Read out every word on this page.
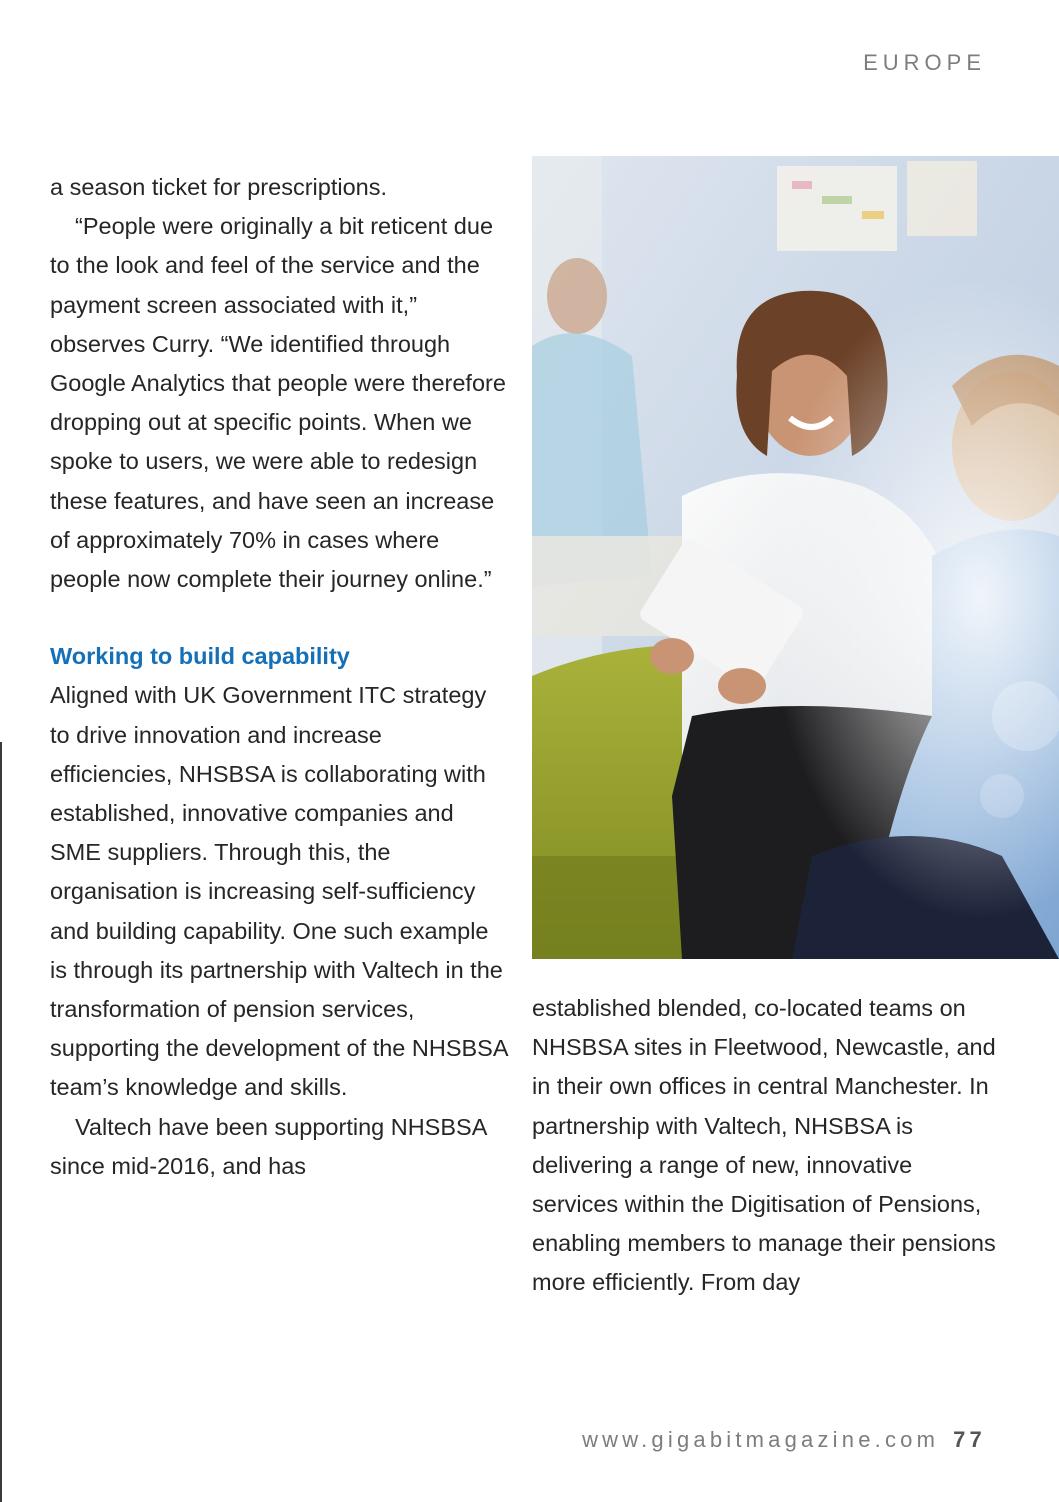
EUROPE

a season ticket for prescriptions.

“People were originally a bit reticent due to the look and feel of the service and the payment screen associated with it,” observes Curry. “We identified through Google Analytics that people were therefore dropping out at specific points. When we spoke to users, we were able to redesign these features, and have seen an increase of approximately 70% in cases where people now complete their journey online.”

Working to build capability

Aligned with UK Government ITC strategy to drive innovation and increase efficiencies, NHSBSA is collaborating with established, innovative companies and SME suppliers. Through this, the organisation is increasing self-sufficiency and building capability. One such example is through its partnership with Valtech in the transformation of pension services, supporting the development of the NHSBSA team’s knowledge and skills.

Valtech have been supporting NHSBSA since mid-2016, and has

established blended, co-located teams on NHSBSA sites in Fleetwood, Newcastle, and in their own offices in central Manchester. In partnership with Valtech, NHSBSA is delivering a range of new, innovative services within the Digitisation of Pensions, enabling members to manage their pensions more efficiently. From day

www.gigabitmagazine.com 77
